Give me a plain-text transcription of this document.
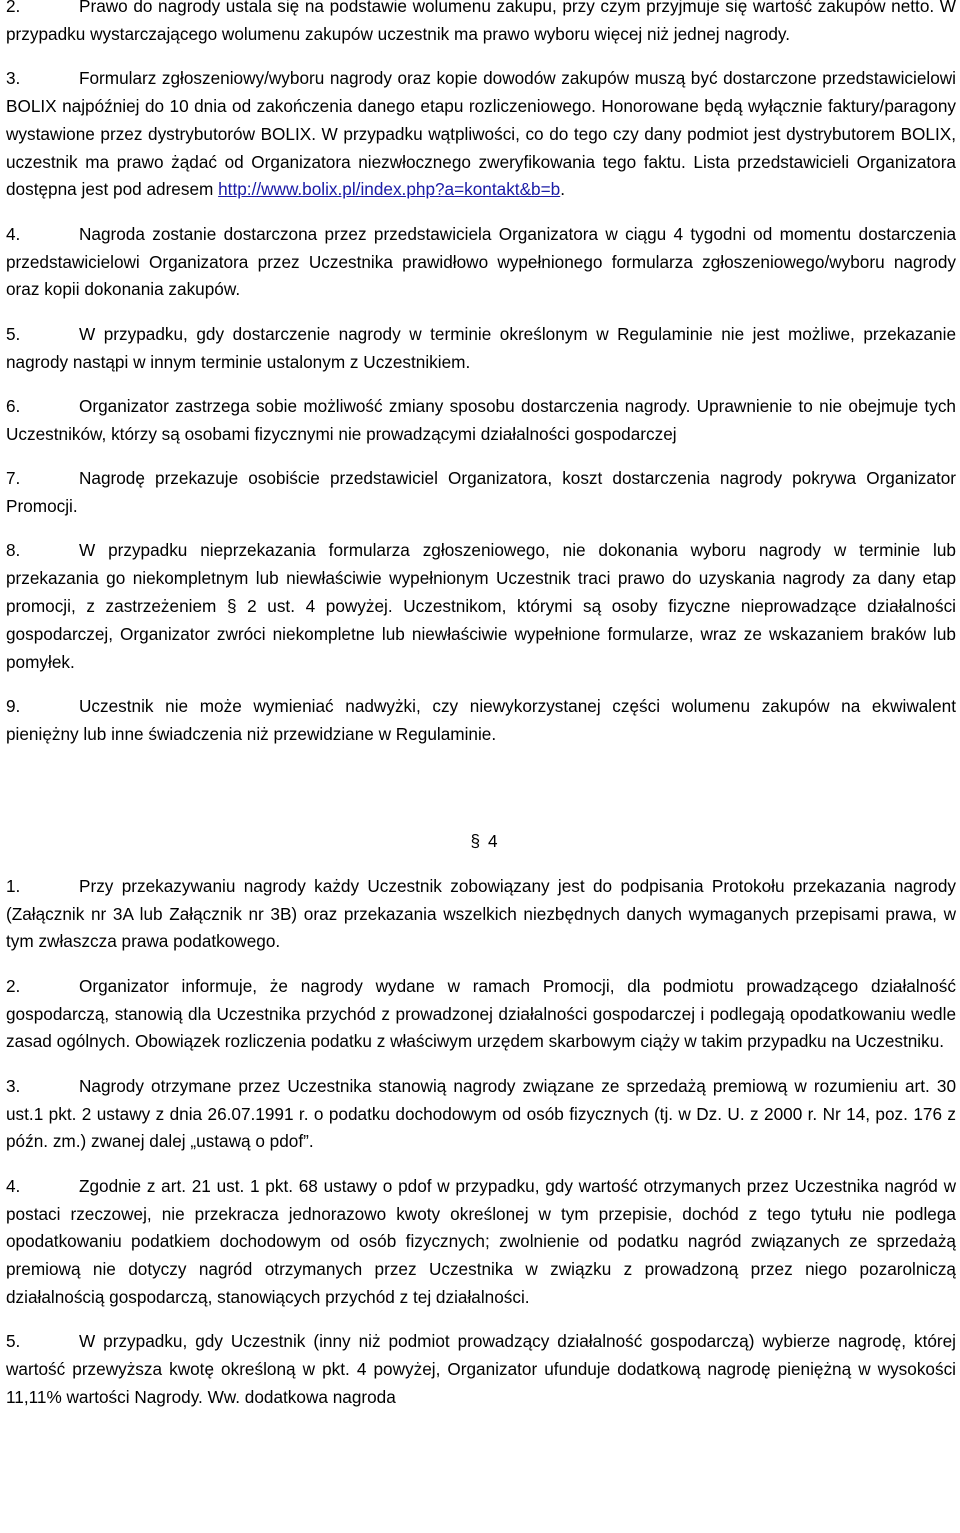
2.	Prawo do nagrody ustala się na podstawie wolumenu zakupu, przy czym przyjmuje się wartość zakupów netto. W przypadku wystarczającego wolumenu zakupów uczestnik ma prawo wyboru więcej niż jednej nagrody.

3.	Formularz zgłoszeniowy/wyboru nagrody oraz kopie dowodów zakupów muszą być dostarczone przedstawicielowi BOLIX najpóźniej do 10 dnia od zakończenia danego etapu rozliczeniowego. Honorowane będą wyłącznie faktury/paragony wystawione przez dystrybutorów BOLIX. W przypadku wątpliwości, co do tego czy dany podmiot jest dystrybutorem BOLIX, uczestnik ma prawo żądać od Organizatora niezwłocznego zweryfikowania tego faktu. Lista przedstawicieli Organizatora dostępna jest pod adresem http://www.bolix.pl/index.php?a=kontakt&b=b.

4.	Nagroda zostanie dostarczona przez przedstawiciela Organizatora w ciągu 4 tygodni od momentu dostarczenia przedstawicielowi Organizatora przez Uczestnika prawidłowo wypełnionego formularza zgłoszeniowego/wyboru nagrody oraz kopii dokonania zakupów.

5.	W przypadku, gdy dostarczenie nagrody w terminie określonym w Regulaminie nie jest możliwe, przekazanie nagrody nastąpi w innym terminie ustalonym z Uczestnikiem.

6.	Organizator zastrzega sobie możliwość zmiany sposobu dostarczenia nagrody. Uprawnienie to nie obejmuje tych Uczestników, którzy są osobami fizycznymi nie prowadzącymi działalności gospodarczej

7.	Nagrodę przekazuje osobiście przedstawiciel Organizatora, koszt dostarczenia nagrody pokrywa Organizator Promocji.

8.	W przypadku nieprzekazania formularza zgłoszeniowego, nie dokonania wyboru nagrody w terminie lub przekazania go niekompletnym lub niewłaściwie wypełnionym Uczestnik traci prawo do uzyskania nagrody za dany etap promocji, z zastrzeżeniem § 2 ust. 4 powyżej. Uczestnikom, którymi są osoby fizyczne nieprowadzące działalności gospodarczej, Organizator zwróci niekompletne lub niewłaściwie wypełnione formularze, wraz ze wskazaniem braków lub pomyłek.

9.	Uczestnik nie może wymieniać nadwyżki, czy niewykorzystanej części wolumenu zakupów na ekwiwalent pieniężny lub inne świadczenia niż przewidziane w Regulaminie.

§ 4

1.	Przy przekazywaniu nagrody każdy Uczestnik zobowiązany jest do podpisania Protokołu przekazania nagrody (Załącznik nr 3A lub Załącznik nr 3B) oraz przekazania wszelkich niezbędnych danych wymaganych przepisami prawa, w tym zwłaszcza prawa podatkowego.

2.	Organizator informuje, że nagrody wydane w ramach Promocji, dla podmiotu prowadzącego działalność gospodarczą, stanowią dla Uczestnika przychód z prowadzonej działalności gospodarczej i podlegają opodatkowaniu wedle zasad ogólnych. Obowiązek rozliczenia podatku z właściwym urzędem skarbowym ciąży w takim przypadku na Uczestniku.

3.	Nagrody otrzymane przez Uczestnika stanowią nagrody związane ze sprzedażą premiową w rozumieniu art. 30 ust.1 pkt. 2 ustawy z dnia 26.07.1991 r. o podatku dochodowym od osób fizycznych (tj. w Dz. U. z 2000 r. Nr 14, poz. 176 z późn. zm.) zwanej dalej „ustawą o pdof”.

4.	Zgodnie z art. 21 ust. 1 pkt. 68 ustawy o pdof w przypadku, gdy wartość otrzymanych przez Uczestnika nagród w postaci rzeczowej, nie przekracza jednorazowo kwoty określonej w tym przepisie, dochód z tego tytułu nie podlega opodatkowaniu podatkiem dochodowym od osób fizycznych; zwolnienie od podatku nagród związanych ze sprzedażą premiową nie dotyczy nagród otrzymanych przez Uczestnika w związku z prowadzoną przez niego pozarolniczą działalnością gospodarczą, stanowiących przychód z tej działalności.

5.	W przypadku, gdy Uczestnik (inny niż podmiot prowadzący działalność gospodarczą) wybierze nagrodę, której wartość przewyższa kwotę określoną w pkt. 4 powyżej, Organizator ufunduje dodatkową nagrodę pieniężną w wysokości 11,11% wartości Nagrody. Ww. dodatkowa nagroda
